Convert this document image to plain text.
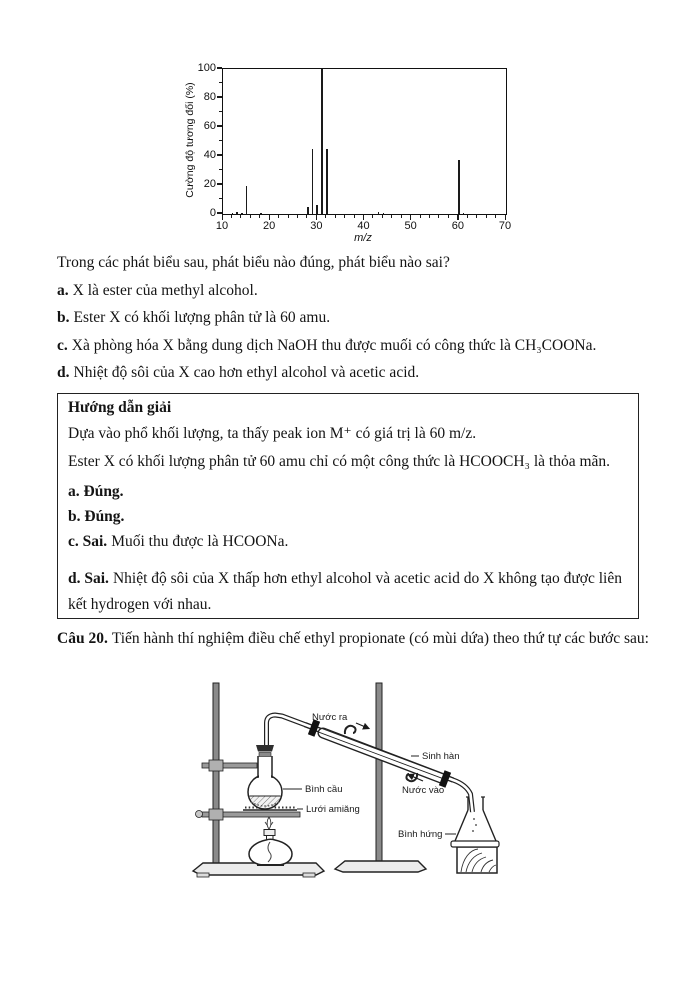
Cường độ tương đối (%)
m/z
10	20	30	40	50	60	70
0
20
40
60
80
100

Trong các phát biểu sau, phát biểu nào đúng, phát biểu nào sai?

a. X là ester của methyl alcohol.

b. Ester X có khối lượng phân tử là 60 amu.

c. Xà phòng hóa X bằng dung dịch NaOH thu được muối có công thức là CH₃COONa.

d. Nhiệt độ sôi của X cao hơn ethyl alcohol và acetic acid.

Hướng dẫn giải

Dựa vào phổ khối lượng, ta thấy peak ion M⁺ có giá trị là 60 m/z.

Ester X có khối lượng phân tử 60 amu chỉ có một công thức là HCOOCH₃ là thỏa mãn.

a. Đúng.

b. Đúng.

c. Sai. Muối thu được là HCOONa.

d. Sai. Nhiệt độ sôi của X thấp hơn ethyl alcohol và acetic acid do X không tạo được liên kết hydrogen với nhau.

Câu 20. Tiến hành thí nghiệm điều chế ethyl propionate (có mùi dứa) theo thứ tự các bước sau:

Nước ra
Sinh hàn
Bình cầu	Nước vào
Lưới amiăng
Bình hứng
